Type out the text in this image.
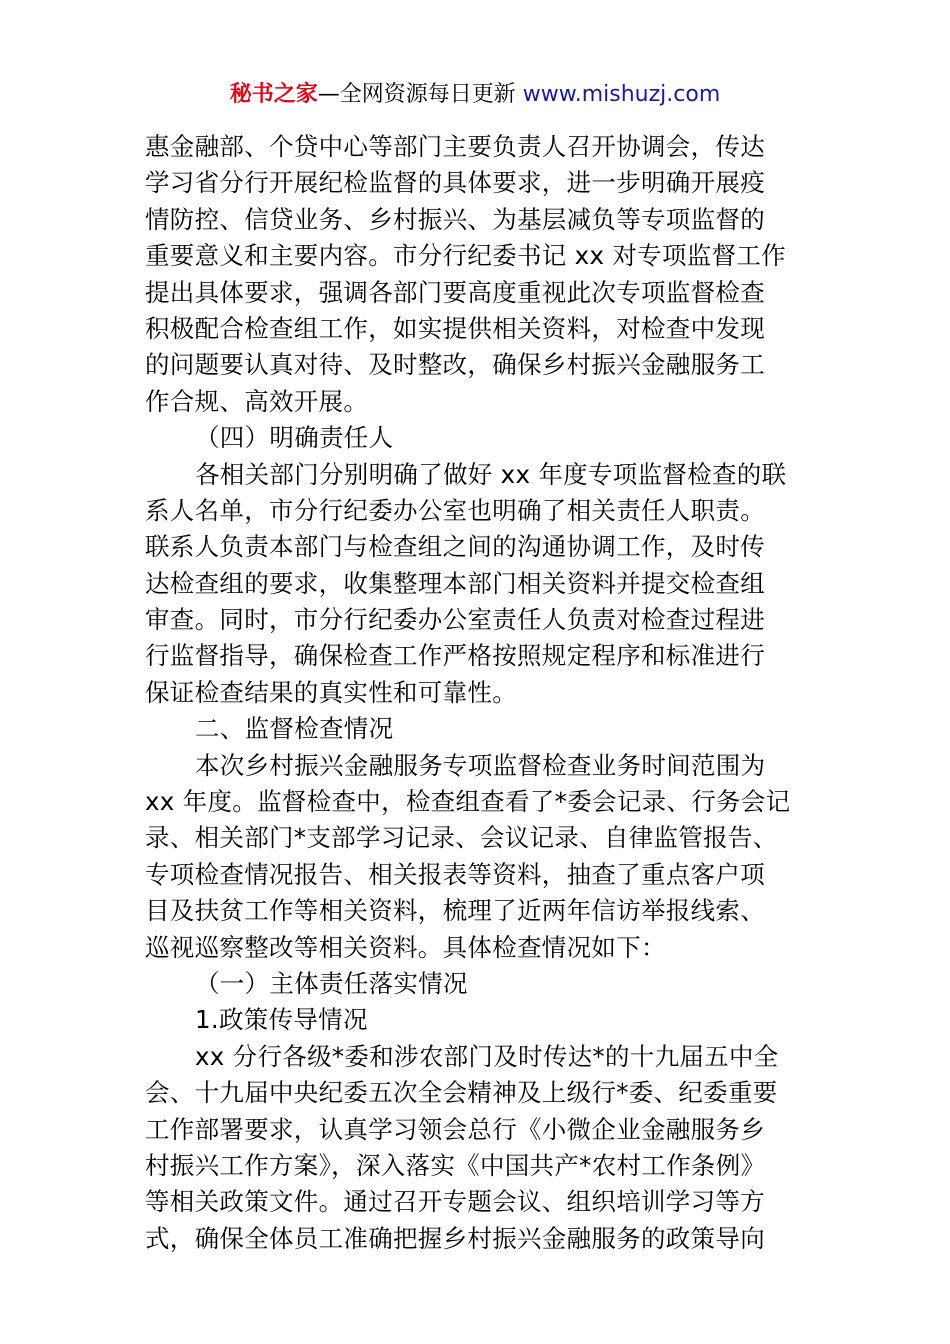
秘书之家—全网资源每日更新 www.mishuzj.com
惠金融部、个贷中心等部门主要负责人召开协调会，传达
学习省分行开展纪检监督的具体要求，进一步明确开展疫
情防控、信贷业务、乡村振兴、为基层减负等专项监督的
重要意义和主要内容。市分行纪委书记 xx 对专项监督工作
提出具体要求，强调各部门要高度重视此次专项监督检查
积极配合检查组工作，如实提供相关资料，对检查中发现
的问题要认真对待、及时整改，确保乡村振兴金融服务工
作合规、高效开展。
（四）明确责任人
各相关部门分别明确了做好 xx 年度专项监督检查的联
系人名单，市分行纪委办公室也明确了相关责任人职责。
联系人负责本部门与检查组之间的沟通协调工作，及时传
达检查组的要求，收集整理本部门相关资料并提交检查组
审查。同时，市分行纪委办公室责任人负责对检查过程进
行监督指导，确保检查工作严格按照规定程序和标准进行
保证检查结果的真实性和可靠性。
二、监督检查情况
本次乡村振兴金融服务专项监督检查业务时间范围为
xx 年度。监督检查中，检查组查看了*委会记录、行务会记
录、相关部门*支部学习记录、会议记录、自律监管报告、
专项检查情况报告、相关报表等资料，抽查了重点客户项
目及扶贫工作等相关资料，梳理了近两年信访举报线索、
巡视巡察整改等相关资料。具体检查情况如下：
（一）主体责任落实情况
1.政策传导情况
xx 分行各级*委和涉农部门及时传达*的十九届五中全
会、十九届中央纪委五次全会精神及上级行*委、纪委重要
工作部署要求，认真学习领会总行《小微企业金融服务乡
村振兴工作方案》，深入落实《中国共产*农村工作条例》
等相关政策文件。通过召开专题会议、组织培训学习等方
式，确保全体员工准确把握乡村振兴金融服务的政策导向
